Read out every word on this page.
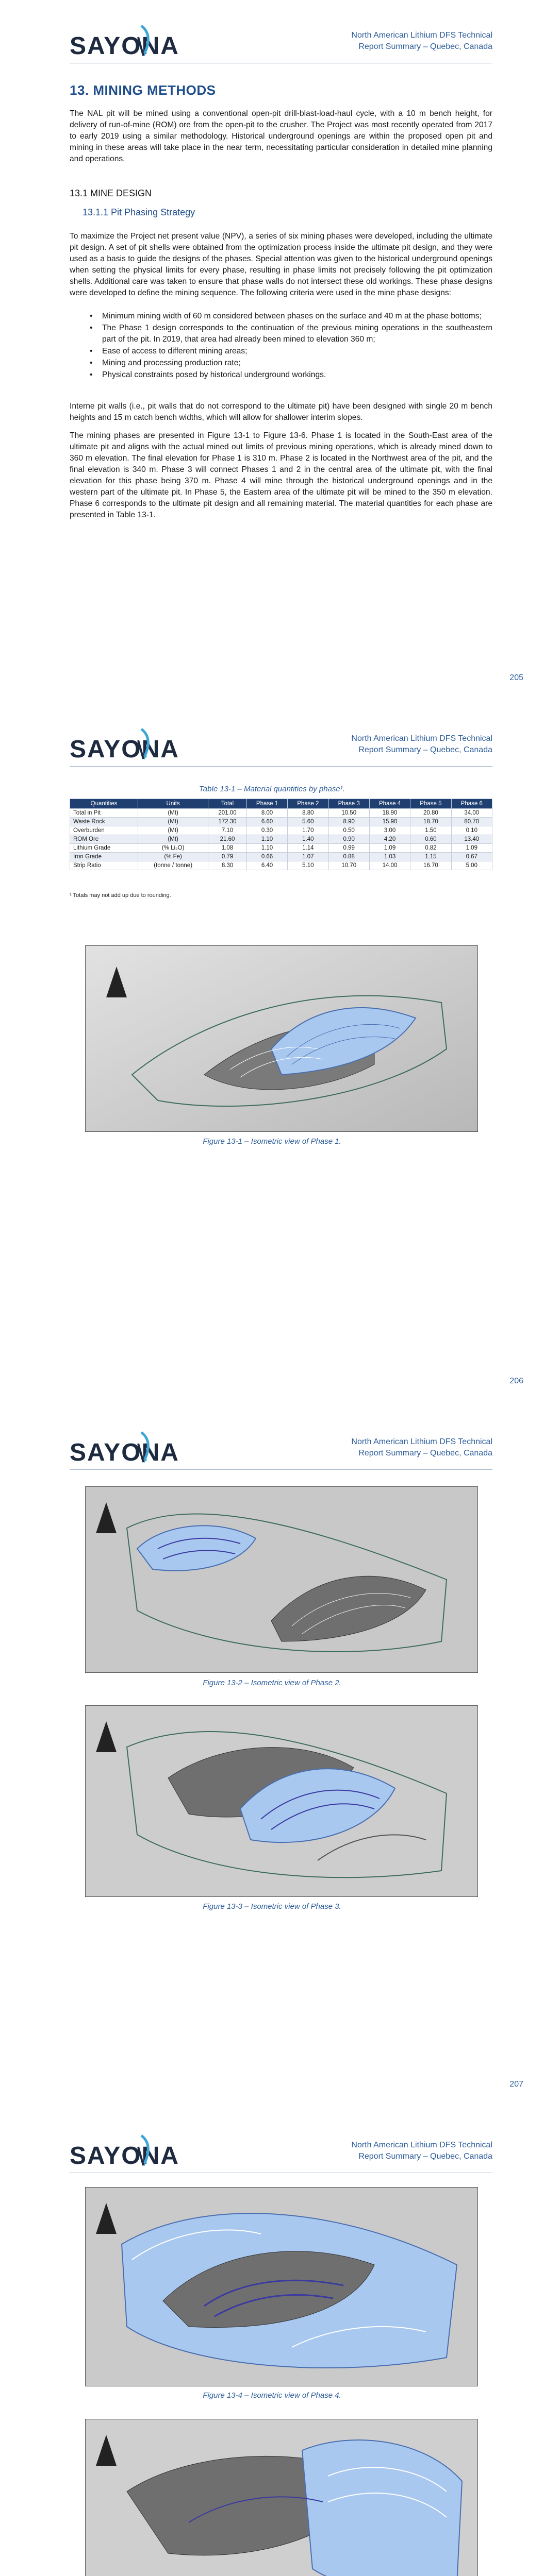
SAYONA	North American Lithium DFS Technical
Report Summary – Quebec, Canada
13. MINING METHODS

The NAL pit will be mined using a conventional open-pit drill-blast-load-haul cycle, with a 10 m bench height, for delivery of run-of-mine (ROM) ore from the open-pit to the crusher. The Project was most recently operated from 2017 to early 2019 using a similar methodology. Historical underground openings are within the proposed open pit and mining in these areas will take place in the near term, necessitating particular consideration in detailed mine planning and operations.

13.1 MINE DESIGN
13.1.1 Pit Phasing Strategy

To maximize the Project net present value (NPV), a series of six mining phases were developed, including the ultimate pit design. A set of pit shells were obtained from the optimization process inside the ultimate pit design, and they were used as a basis to guide the designs of the phases. Special attention was given to the historical underground openings when setting the physical limits for every phase, resulting in phase limits not precisely following the pit optimization shells. Additional care was taken to ensure that phase walls do not intersect these old workings. These phase designs were developed to define the mining sequence. The following criteria were used in the mine phase designs:

• Minimum mining width of 60 m considered between phases on the surface and 40 m at the phase bottoms;
• The Phase 1 design corresponds to the continuation of the previous mining operations in the southeastern part of the pit. In 2019, that area had already been mined to elevation 360 m;
• Ease of access to different mining areas;
• Mining and processing production rate;
• Physical constraints posed by historical underground workings.

Interne pit walls (i.e., pit walls that do not correspond to the ultimate pit) have been designed with single 20 m bench heights and 15 m catch bench widths, which will allow for shallower interim slopes.

The mining phases are presented in Figure 13-1 to Figure 13-6. Phase 1 is located in the South-East area of the ultimate pit and aligns with the actual mined out limits of previous mining operations, which is already mined down to 360 m elevation. The final elevation for Phase 1 is 310 m. Phase 2 is located in the Northwest area of the pit, and the final elevation is 340 m. Phase 3 will connect Phases 1 and 2 in the central area of the ultimate pit, with the final elevation for this phase being 370 m. Phase 4 will mine through the historical underground openings and in the western part of the ultimate pit. In Phase 5, the Eastern area of the ultimate pit will be mined to the 350 m elevation. Phase 6 corresponds to the ultimate pit design and all remaining material. The material quantities for each phase are presented in Table 13-1.

205
SAYONA	North American Lithium DFS Technical
Report Summary – Quebec, Canada
Table 13-1 – Material quantities by phase¹.
Quantities	Units	Total	Phase 1	Phase 2	Phase 3	Phase 4	Phase 5	Phase 6
Total in Pit	(Mt)	201.00	8.00	8.80	10.50	18.90	20.80	34.00
Waste Rock	(Mt)	172.30	6.60	5.60	8.90	15.90	18.70	80.70
Overburden	(Mt)	7.10	0.30	1.70	0.50	3.00	1.50	0.10
ROM Ore	(Mt)	21.60	1.10	1.40	0.90	4.20	0.60	13.40
Lithium Grade	(% Li₂O)	1.08	1.10	1.14	0.99	1.09	0.82	1.09
Iron Grade	(% Fe)	0.79	0.66	1.07	0.88	1.03	1.15	0.67
Strip Ratio	(tonne / tonne)	8.30	6.40	5.10	10.70	14.00	16.70	5.00
¹ Totals may not add up due to rounding.
Figure 13-1 – Isometric view of Phase 1.
206
SAYONA	North American Lithium DFS Technical
Report Summary – Quebec, Canada
Figure 13-2 – Isometric view of Phase 2.
Figure 13-3 – Isometric view of Phase 3.
207
SAYONA	North American Lithium DFS Technical
Report Summary – Quebec, Canada
Figure 13-4 – Isometric view of Phase 4.
